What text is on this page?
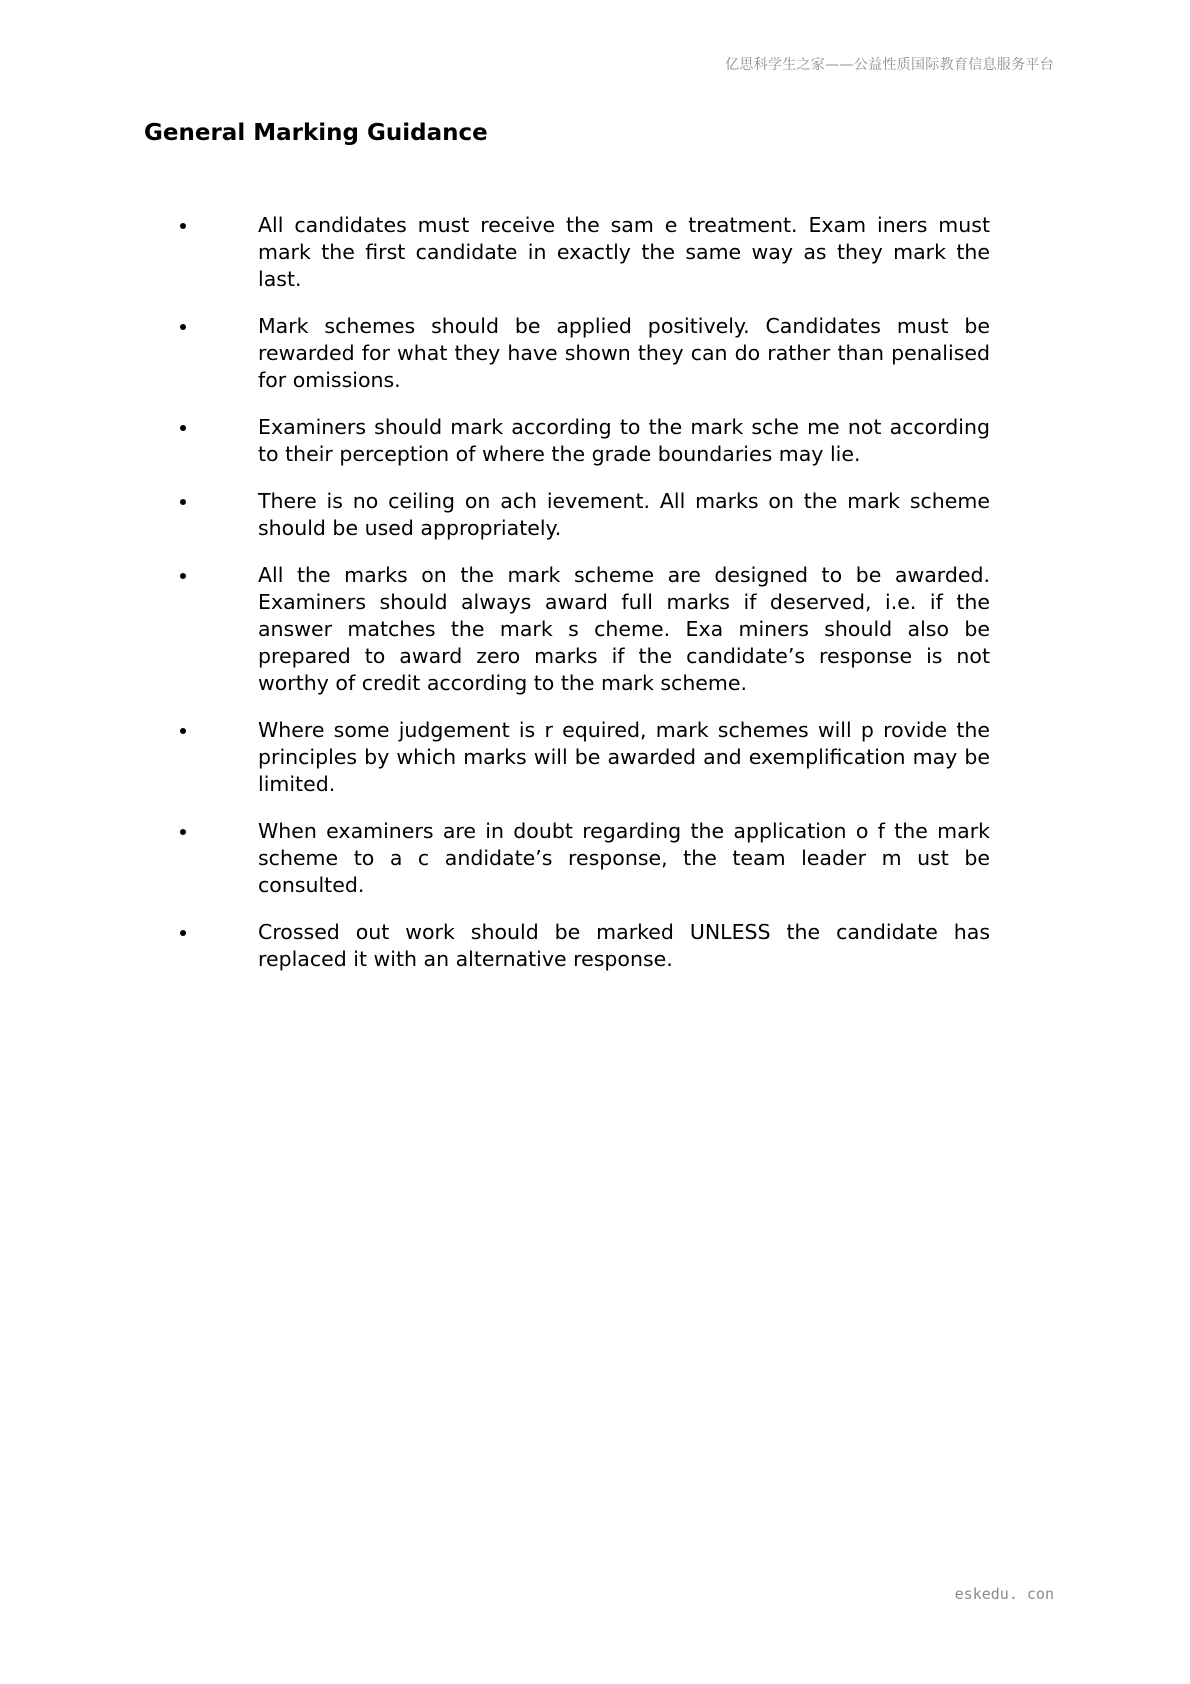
亿思科学生之家——公益性质国际教育信息服务平台
General Marking Guidance
All candidates must receive the sam e treatment. Exam iners must mark the first candidate in exactly the same way as they mark the last.
Mark schemes should be applied positively. Candidates must be rewarded for what they have shown they can do rather than penalised for omissions.
Examiners should mark according to the mark sche me not according to their perception of where the grade boundaries may lie.
There is no ceiling on ach ievement. All marks on the mark scheme should be used appropriately.
All the marks on the mark scheme are designed to be awarded. Examiners should always award full marks if deserved, i.e. if the answer matches the mark s cheme. Exa miners should also be prepared to award zero marks if the candidate’s response is not worthy of credit according to the mark scheme.
Where some judgement is r equired, mark schemes will p rovide the principles by which marks will be awarded and exemplification may be limited.
When examiners are in doubt regarding the application o f the mark scheme to a c andidate’s response, the team leader m ust be consulted.
Crossed out work should be marked UNLESS the candidate has replaced it with an alternative response.
eskedu. con
